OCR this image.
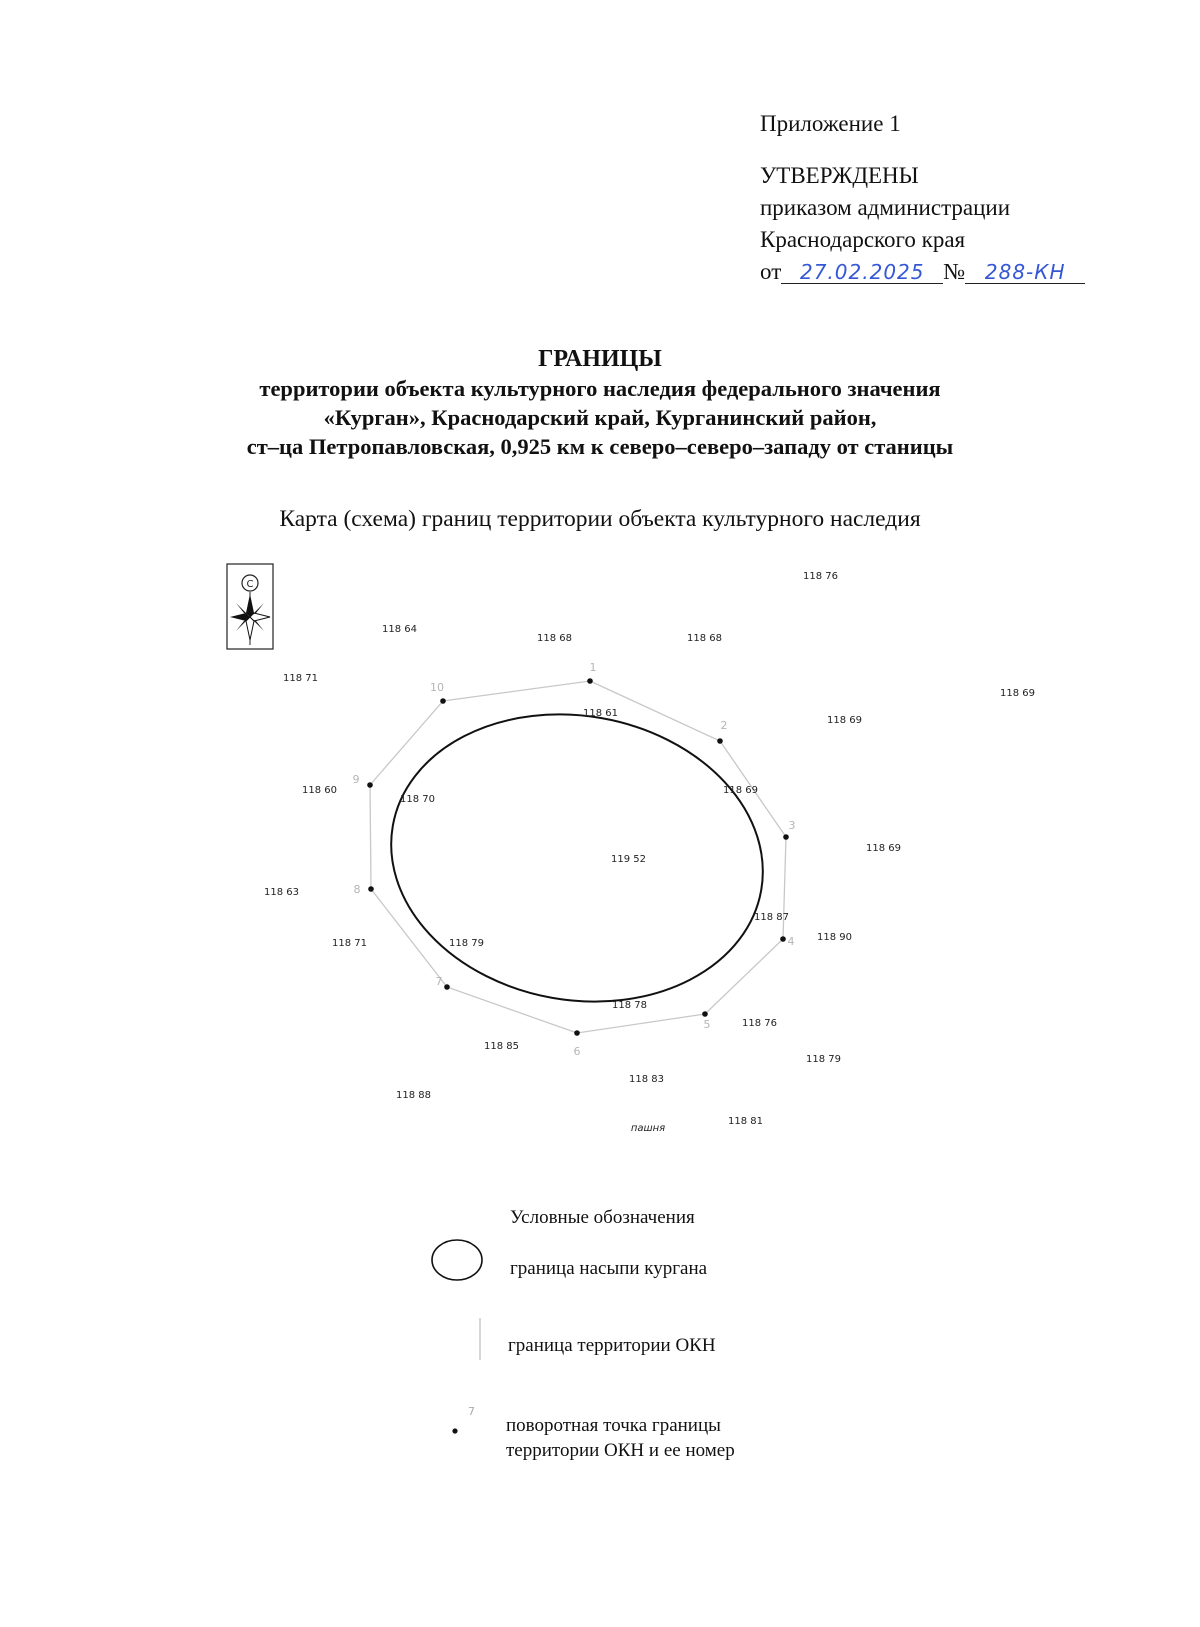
Приложение 1
УТВЕРЖДЕНЫ
приказом администрации
Краснодарского края
от 27.02.2025 № 288-КН
ГРАНИЦЫ
территории объекта культурного наследия федерального значения
«Курган», Краснодарский край, Курганинский район,
ст–ца Петропавловская, 0,925 км к северо–северо–западу от станицы
Карта (схема) границ территории объекта культурного наследия
С
1
2
3
4
5
6
7
8
9
10
118 76
118 64
118 68	118 68
118 71
118 69
118 69
118 61
118 69
118 60
118 70
119 52
118 69
118 63
118 87
118 90
118 71	118 79
118 78
118 76
118 85
118 79
118 83
118 88
118 81
пашня
7
Условные обозначения
граница насыпи кургана
граница территории ОКН
поворотная точка границы
территории ОКН и ее номер
